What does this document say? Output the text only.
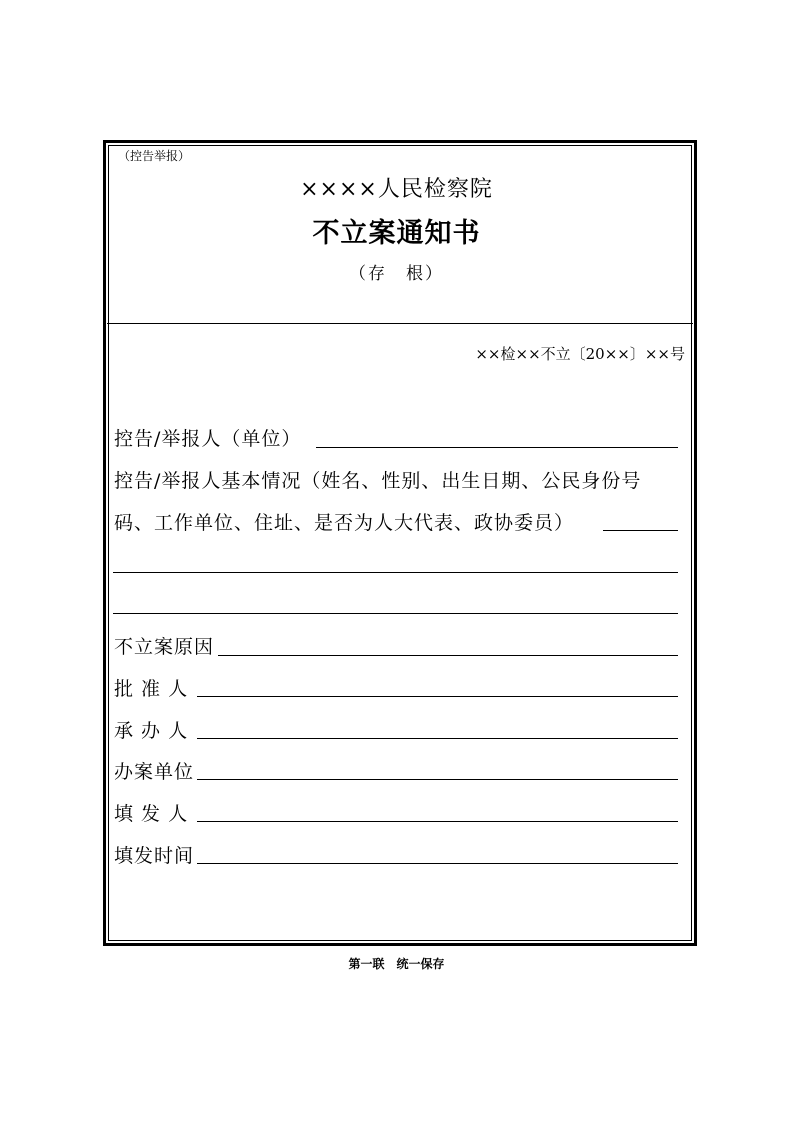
（控告举报）
××××人民检察院
不立案通知书
（存　根）
××检××不立〔20××〕××号
控告/举报人（单位）
控告/举报人基本情况（姓名、性别、出生日期、公民身份号
码、工作单位、住址、是否为人大代表、政协委员）
不立案原因
批 准 人
承 办 人
办案单位
填 发 人
填发时间
第一联　统一保存
